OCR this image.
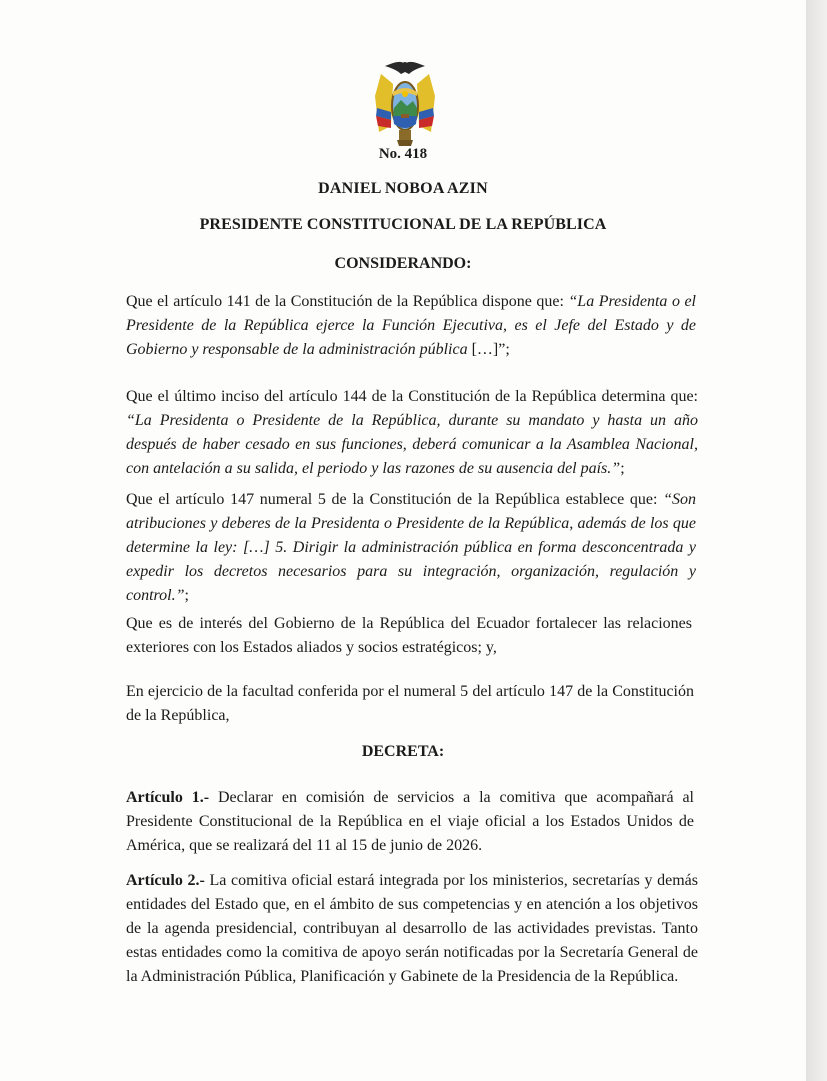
No. 418
DANIEL NOBOA AZIN
PRESIDENTE CONSTITUCIONAL DE LA REPÚBLICA
CONSIDERANDO:
Que el artículo 141 de la Constitución de la República dispone que: “La Presidenta o el Presidente de la República ejerce la Función Ejecutiva, es el Jefe del Estado y de Gobierno y responsable de la administración pública […]”;
Que el último inciso del artículo 144 de la Constitución de la República determina que: “La Presidenta o Presidente de la República, durante su mandato y hasta un año después de haber cesado en sus funciones, deberá comunicar a la Asamblea Nacional, con antelación a su salida, el periodo y las razones de su ausencia del país.”;
Que el artículo 147 numeral 5 de la Constitución de la República establece que: “Son atribuciones y deberes de la Presidenta o Presidente de la República, además de los que determine la ley: […] 5. Dirigir la administración pública en forma desconcentrada y expedir los decretos necesarios para su integración, organización, regulación y control.”;
Que es de interés del Gobierno de la República del Ecuador fortalecer las relaciones exteriores con los Estados aliados y socios estratégicos; y,
En ejercicio de la facultad conferida por el numeral 5 del artículo 147 de la Constitución de la República,
DECRETA:
Artículo 1.- Declarar en comisión de servicios a la comitiva que acompañará al Presidente Constitucional de la República en el viaje oficial a los Estados Unidos de América, que se realizará del 11 al 15 de junio de 2026.
Artículo 2.- La comitiva oficial estará integrada por los ministerios, secretarías y demás entidades del Estado que, en el ámbito de sus competencias y en atención a los objetivos de la agenda presidencial, contribuyan al desarrollo de las actividades previstas. Tanto estas entidades como la comitiva de apoyo serán notificadas por la Secretaría General de la Administración Pública, Planificación y Gabinete de la Presidencia de la República.
